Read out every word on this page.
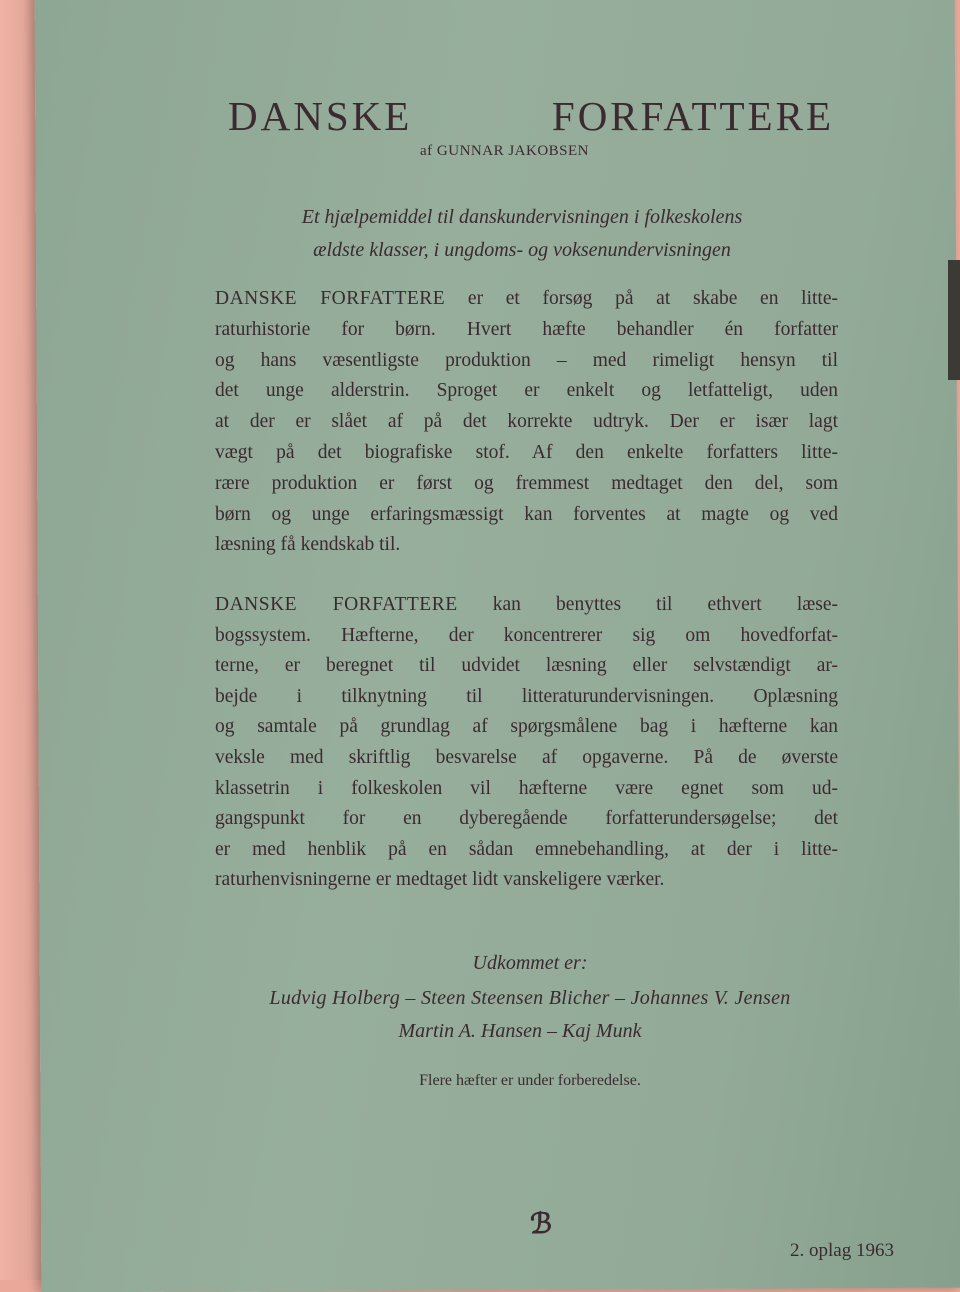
DANSKE FORFATTERE
af GUNNAR JAKOBSEN
Et hjælpemiddel til danskundervisningen i folkeskolens
ældste klasser, i ungdoms- og voksenundervisningen
DANSKE FORFATTERE er et forsøg på at skabe en litte-
raturhistorie for børn. Hvert hæfte behandler én forfatter
og hans væsentligste produktion – med rimeligt hensyn til
det unge alderstrin. Sproget er enkelt og letfatteligt, uden
at der er slået af på det korrekte udtryk. Der er især lagt
vægt på det biografiske stof. Af den enkelte forfatters litte-
rære produktion er først og fremmest medtaget den del, som
børn og unge erfaringsmæssigt kan forventes at magte og ved
læsning få kendskab til.
DANSKE FORFATTERE kan benyttes til ethvert læse-
bogssystem. Hæfterne, der koncentrerer sig om hovedforfat-
terne, er beregnet til udvidet læsning eller selvstændigt ar-
bejde i tilknytning til litteraturundervisningen. Oplæsning
og samtale på grundlag af spørgsmålene bag i hæfterne kan
veksle med skriftlig besvarelse af opgaverne. På de øverste
klassetrin i folkeskolen vil hæfterne være egnet som ud-
gangspunkt for en dyberegående forfatterundersøgelse; det
er med henblik på en sådan emnebehandling, at der i litte-
raturhenvisningerne er medtaget lidt vanskeligere værker.
Udkommet er:
Ludvig Holberg – Steen Steensen Blicher – Johannes V. Jensen
Martin A. Hansen – Kaj Munk
Flere hæfter er under forberedelse.
ℬ
2. oplag 1963
